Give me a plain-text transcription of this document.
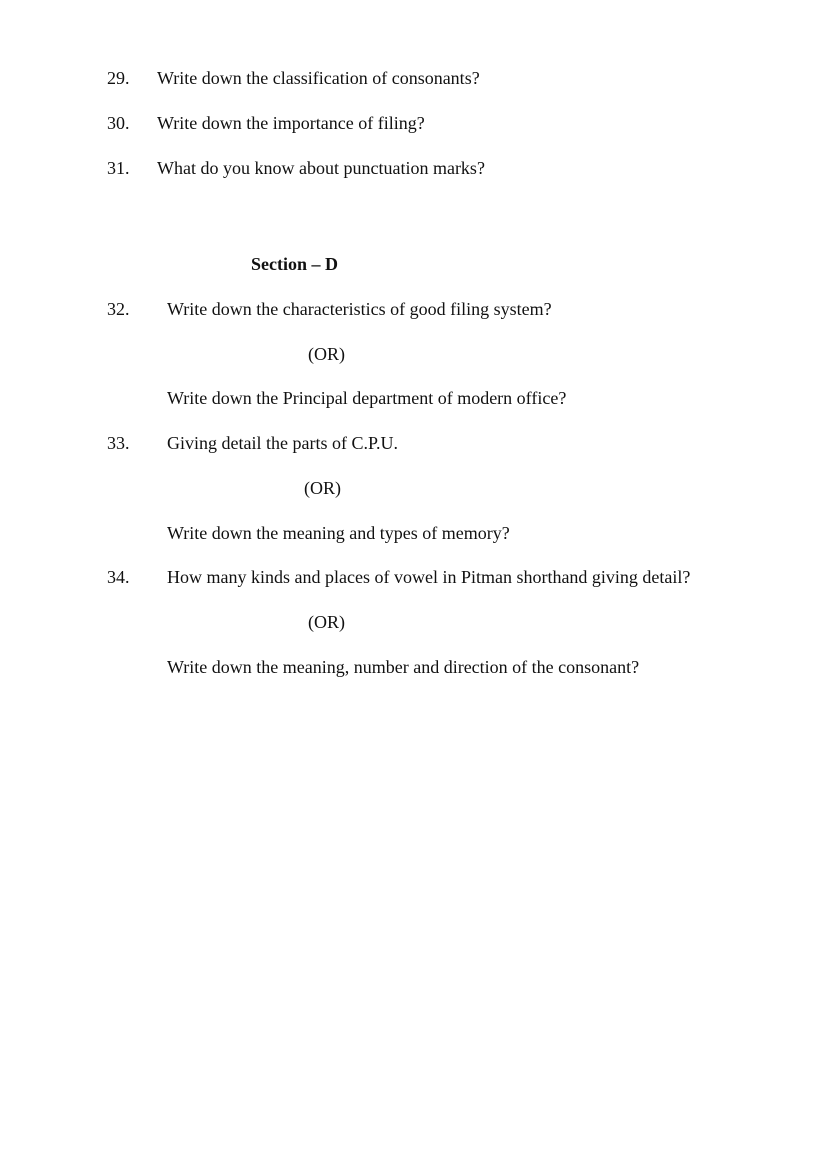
29. Write down the classification of consonants?
30. Write down the importance of filing?
31. What do you know about punctuation marks?
Section – D
32. Write down the characteristics of good filing system?
(OR)
Write down the Principal department of modern office?
33. Giving detail the parts of C.P.U.
(OR)
Write down the meaning and types of memory?
34. How many kinds and places of vowel in Pitman shorthand giving detail?
(OR)
Write down the meaning, number and direction of the consonant?
